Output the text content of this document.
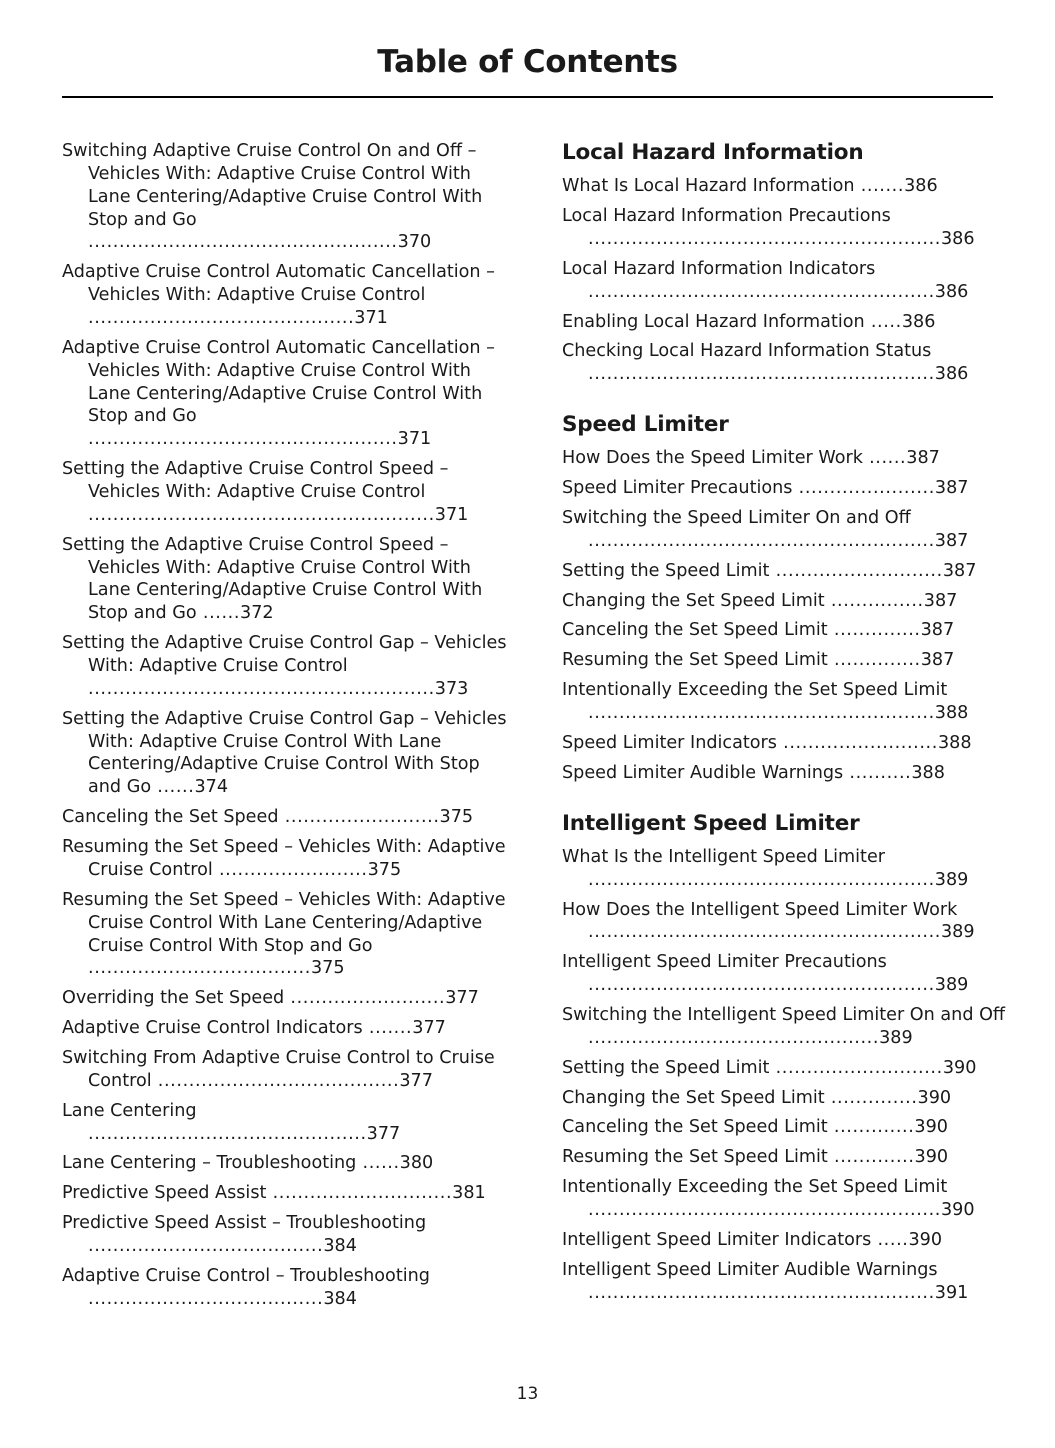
Table of Contents
Switching Adaptive Cruise Control On and Off – Vehicles With: Adaptive Cruise Control With Lane Centering/Adaptive Cruise Control With Stop and Go ..................................................370
Adaptive Cruise Control Automatic Cancellation – Vehicles With: Adaptive Cruise Control ...........................................371
Adaptive Cruise Control Automatic Cancellation – Vehicles With: Adaptive Cruise Control With Lane Centering/Adaptive Cruise Control With Stop and Go ..................................................371
Setting the Adaptive Cruise Control Speed – Vehicles With: Adaptive Cruise Control ........................................................371
Setting the Adaptive Cruise Control Speed – Vehicles With: Adaptive Cruise Control With Lane Centering/Adaptive Cruise Control With Stop and Go ......372
Setting the Adaptive Cruise Control Gap – Vehicles With: Adaptive Cruise Control ........................................................373
Setting the Adaptive Cruise Control Gap – Vehicles With: Adaptive Cruise Control With Lane Centering/Adaptive Cruise Control With Stop and Go ......374
Canceling the Set Speed .........................375
Resuming the Set Speed – Vehicles With: Adaptive Cruise Control ........................375
Resuming the Set Speed – Vehicles With: Adaptive Cruise Control With Lane Centering/Adaptive Cruise Control With Stop and Go ....................................375
Overriding the Set Speed .........................377
Adaptive Cruise Control Indicators .......377
Switching From Adaptive Cruise Control to Cruise Control .......................................377
Lane Centering .............................................377
Lane Centering – Troubleshooting ......380
Predictive Speed Assist .............................381
Predictive Speed Assist – Troubleshooting ......................................384
Adaptive Cruise Control – Troubleshooting ......................................384
Local Hazard Information
What Is Local Hazard Information .......386
Local Hazard Information Precautions .........................................................386
Local Hazard Information Indicators ........................................................386
Enabling Local Hazard Information .....386
Checking Local Hazard Information Status ........................................................386
Speed Limiter
How Does the Speed Limiter Work ......387
Speed Limiter Precautions ......................387
Switching the Speed Limiter On and Off ........................................................387
Setting the Speed Limit ...........................387
Changing the Set Speed Limit ...............387
Canceling the Set Speed Limit ..............387
Resuming the Set Speed Limit ..............387
Intentionally Exceeding the Set Speed Limit ........................................................388
Speed Limiter Indicators .........................388
Speed Limiter Audible Warnings ..........388
Intelligent Speed Limiter
What Is the Intelligent Speed Limiter ........................................................389
How Does the Intelligent Speed Limiter Work .........................................................389
Intelligent Speed Limiter Precautions ........................................................389
Switching the Intelligent Speed Limiter On and Off ...............................................389
Setting the Speed Limit ...........................390
Changing the Set Speed Limit ..............390
Canceling the Set Speed Limit .............390
Resuming the Set Speed Limit .............390
Intentionally Exceeding the Set Speed Limit .........................................................390
Intelligent Speed Limiter Indicators .....390
Intelligent Speed Limiter Audible Warnings ........................................................391
13
